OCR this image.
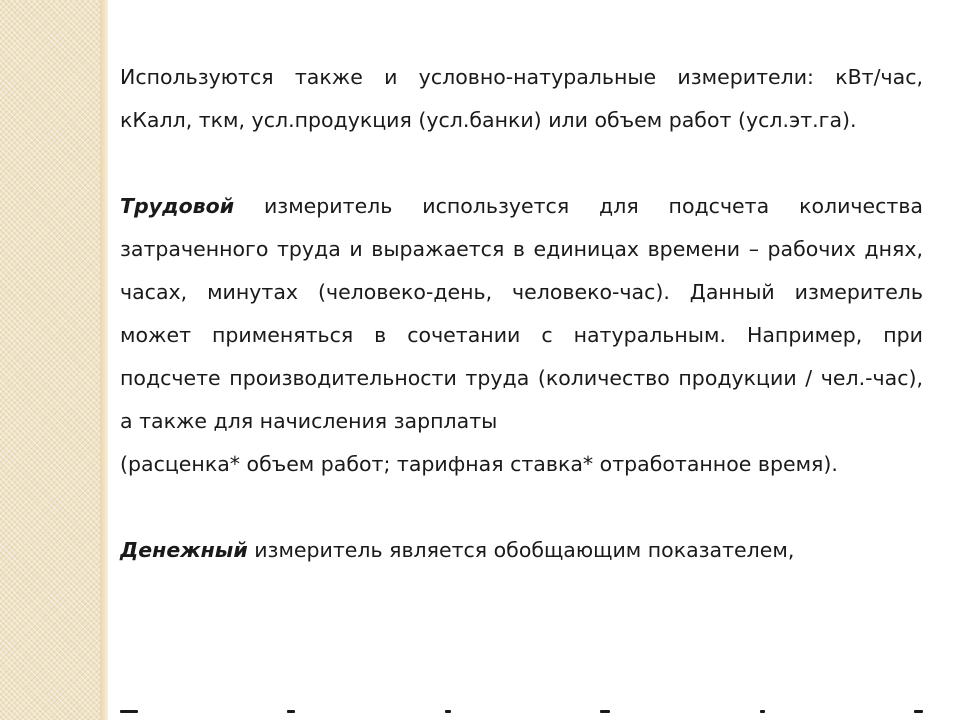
Используются также и условно-натуральные измерители: кВт/час, кКалл, ткм, усл.продукция (усл.банки) или объем работ (усл.эт.га).

Трудовой измеритель используется для подсчета количества затраченного труда и выражается в единицах времени – рабочих днях, часах, минутах (человеко-день, человеко-час). Данный измеритель может применяться в сочетании с натуральным. Например, при подсчете производительности труда (количество продукции / чел.-час), а также для начисления зарплаты

(расценка* объем работ; тарифная ставка* отработанное время).

Денежный измеритель является обобщающим показателем,
